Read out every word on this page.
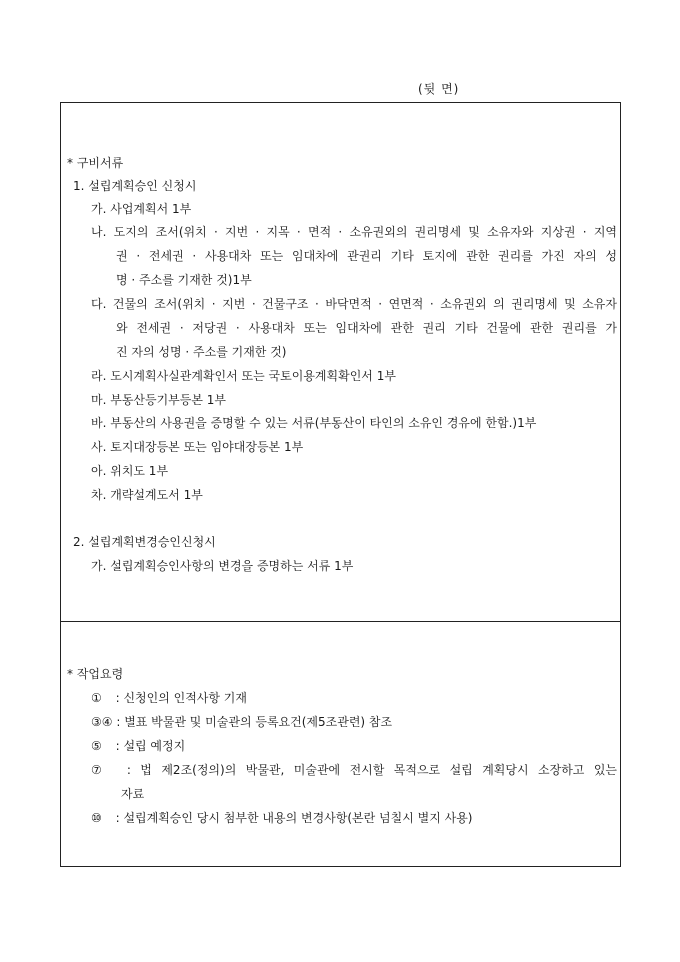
(뒷 면)
* 구비서류
1. 설립계획승인 신청시
가. 사업계획서 1부
나. 도지의 조서(위치 · 지번 · 지목 · 면적 · 소유권외의 권리명세 및 소유자와 지상권 · 지역
권 · 전세권 · 사용대차 또는 임대차에 관권리 기타 토지에 관한 권리를 가진 자의 성
명 · 주소를 기재한 것)1부
다. 건물의 조서(위치 · 지번 · 건물구조 · 바닥면적 · 연면적 · 소유권외 의 권리명세 및 소유자
와 전세권 · 저당권 · 사용대차 또는 임대차에 관한 권리 기타 건물에 관한 권리를 가
진 자의 성명 · 주소를 기재한 것)
라. 도시계획사실관계확인서 또는 국토이용계획확인서 1부
마. 부동산등기부등본 1부
바. 부동산의 사용권을 증명할 수 있는 서류(부동산이 타인의 소유인 경유에 한함.)1부
사. 토지대장등본 또는 임야대장등본 1부
아. 위치도 1부
차. 개략설계도서 1부
2. 설립계획변경승인신청시
가. 설립계획승인사항의 변경을 증명하는 서류 1부
* 작업요령
① : 신청인의 인적사항 기재
③④ : 별표 박물관 및 미술관의 등록요건(제5조관련) 참조
⑤ : 설립 예정지
⑦ : 법 제2조(정의)의 박물관, 미술관에 전시할 목적으로 설립 계획당시 소장하고 있는
자료
⑩ : 설립계획승인 당시 첨부한 내용의 변경사항(본란 넘칠시 별지 사용)
